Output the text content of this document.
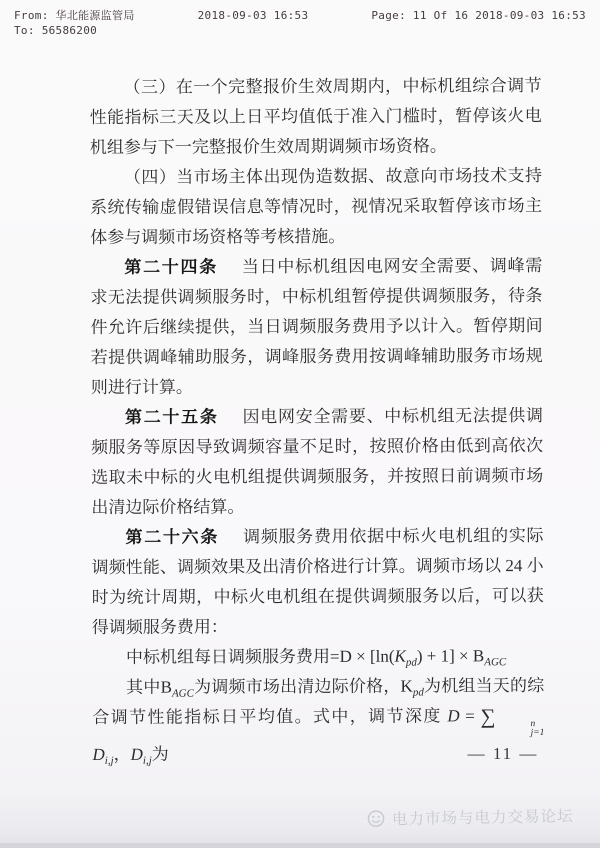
From: 华北能源监管局
To: 56586200
2018-09-03 16:53	Page: 11 Of 16 2018-09-03 16:53

（三）在一个完整报价生效周期内，中标机组综合调节性能指标三天及以上日平均值低于准入门槛时，暂停该火电机组参与下一完整报价生效周期调频市场资格。

（四）当市场主体出现伪造数据、故意向市场技术支持系统传输虚假错误信息等情况时，视情况采取暂停该市场主体参与调频市场资格等考核措施。

第二十四条 当日中标机组因电网安全需要、调峰需求无法提供调频服务时，中标机组暂停提供调频服务，待条件允许后继续提供，当日调频服务费用予以计入。暂停期间若提供调峰辅助服务，调峰服务费用按调峰辅助服务市场规则进行计算。

第二十五条 因电网安全需要、中标机组无法提供调频服务等原因导致调频容量不足时，按照价格由低到高依次选取未中标的火电机组提供调频服务，并按照日前调频市场出清边际价格结算。

第二十六条 调频服务费用依据中标火电机组的实际调频性能、调频效果及出清价格进行计算。调频市场以 24 小时为统计周期，中标火电机组在提供调频服务以后，可以获得调频服务费用：

中标机组每日调频服务费用$=D \times [\ln(K_{pd}) + 1] \times B_{AGC}$

其中$B_{AGC}$为调频市场出清边际价格，$K_{pd}$为机组当天的综合调节性能指标日平均值。式中，调节深度 D = ∑	n
j=1
$D_{i,j}$，$D_{i,j}$为	— 11 —
电力市场与电力交易论坛
